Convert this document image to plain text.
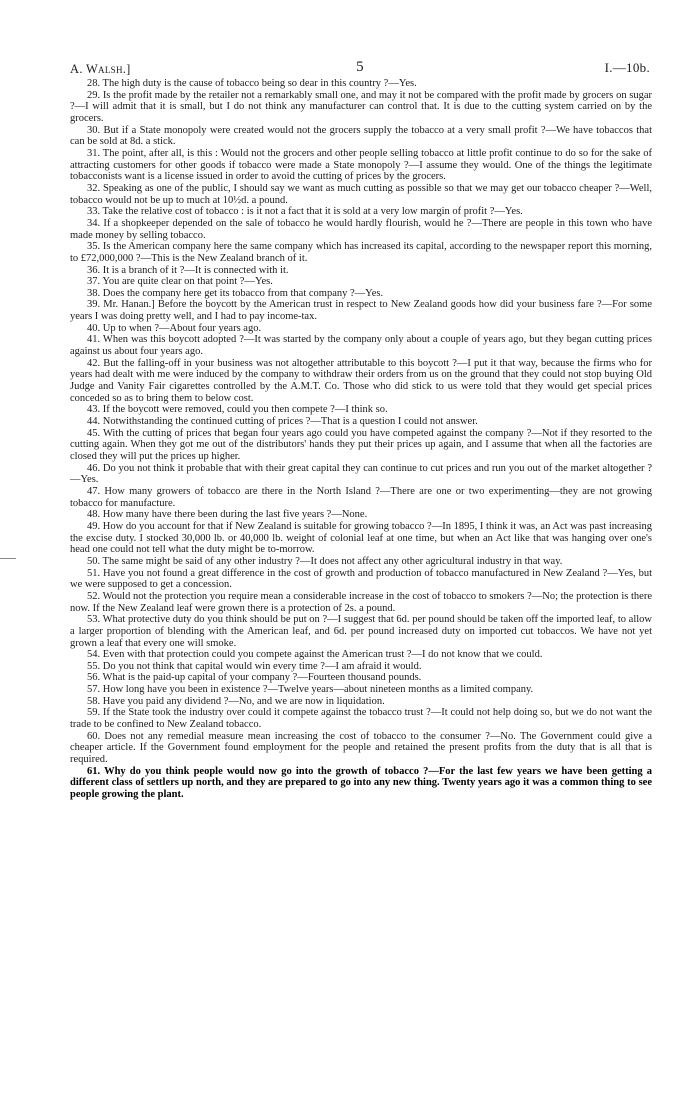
A. Walsh.]	5	I.—10b.

28. The high duty is the cause of tobacco being so dear in this country ?—Yes.

29. Is the profit made by the retailer not a remarkably small one, and may it not be compared with the profit made by grocers on sugar ?—I will admit that it is small, but I do not think any manufacturer can control that. It is due to the cutting system carried on by the grocers.

30. But if a State monopoly were created would not the grocers supply the tobacco at a very small profit ?—We have tobaccos that can be sold at 8d. a stick.

31. The point, after all, is this : Would not the grocers and other people selling tobacco at little profit continue to do so for the sake of attracting customers for other goods if tobacco were made a State monopoly ?—I assume they would. One of the things the legitimate tobacconists want is a license issued in order to avoid the cutting of prices by the grocers.

32. Speaking as one of the public, I should say we want as much cutting as possible so that we may get our tobacco cheaper ?—Well, tobacco would not be up to much at 10½d. a pound.

33. Take the relative cost of tobacco : is it not a fact that it is sold at a very low margin of profit ?—Yes.

34. If a shopkeeper depended on the sale of tobacco he would hardly flourish, would he ?—There are people in this town who have made money by selling tobacco.

35. Is the American company here the same company which has increased its capital, according to the newspaper report this morning, to £72,000,000 ?—This is the New Zealand branch of it.

36. It is a branch of it ?—It is connected with it.

37. You are quite clear on that point ?—Yes.

38. Does the company here get its tobacco from that company ?—Yes.

39. Mr. Hanan.] Before the boycott by the American trust in respect to New Zealand goods how did your business fare ?—For some years I was doing pretty well, and I had to pay income-tax.

40. Up to when ?—About four years ago.

41. When was this boycott adopted ?—It was started by the company only about a couple of years ago, but they began cutting prices against us about four years ago.

42. But the falling-off in your business was not altogether attributable to this boycott ?—I put it that way, because the firms who for years had dealt with me were induced by the company to withdraw their orders from us on the ground that they could not stop buying Old Judge and Vanity Fair cigarettes controlled by the A.M.T. Co. Those who did stick to us were told that they would get special prices conceded so as to bring them to below cost.

43. If the boycott were removed, could you then compete ?—I think so.

44. Notwithstanding the continued cutting of prices ?—That is a question I could not answer.

45. With the cutting of prices that began four years ago could you have competed against the company ?—Not if they resorted to the cutting again. When they got me out of the distributors' hands they put their prices up again, and I assume that when all the factories are closed they will put the prices up higher.

46. Do you not think it probable that with their great capital they can continue to cut prices and run you out of the market altogether ?—Yes.

47. How many growers of tobacco are there in the North Island ?—There are one or two experimenting—they are not growing tobacco for manufacture.

48. How many have there been during the last five years ?—None.

49. How do you account for that if New Zealand is suitable for growing tobacco ?—In 1895, I think it was, an Act was past increasing the excise duty. I stocked 30,000 lb. or 40,000 lb. weight of colonial leaf at one time, but when an Act like that was hanging over one's head one could not tell what the duty might be to-morrow.

50. The same might be said of any other industry ?—It does not affect any other agricultural industry in that way.

51. Have you not found a great difference in the cost of growth and production of tobacco manufactured in New Zealand ?—Yes, but we were supposed to get a concession.

52. Would not the protection you require mean a considerable increase in the cost of tobacco to smokers ?—No; the protection is there now. If the New Zealand leaf were grown there is a protection of 2s. a pound.

53. What protective duty do you think should be put on ?—I suggest that 6d. per pound should be taken off the imported leaf, to allow a larger proportion of blending with the American leaf, and 6d. per pound increased duty on imported cut tobaccos. We have not yet grown a leaf that every one will smoke.

54. Even with that protection could you compete against the American trust ?—I do not know that we could.

55. Do you not think that capital would win every time ?—I am afraid it would.

56. What is the paid-up capital of your company ?—Fourteen thousand pounds.

57. How long have you been in existence ?—Twelve years—about nineteen months as a limited company.

58. Have you paid any dividend ?—No, and we are now in liquidation.

59. If the State took the industry over could it compete against the tobacco trust ?—It could not help doing so, but we do not want the trade to be confined to New Zealand tobacco.

60. Does not any remedial measure mean increasing the cost of tobacco to the consumer ?—No. The Government could give a cheaper article. If the Government found employment for the people and retained the present profits from the duty that is all that is required.

61. Why do you think people would now go into the growth of tobacco ?—For the last few years we have been getting a different class of settlers up north, and they are prepared to go into any new thing. Twenty years ago it was a common thing to see people growing the plant.
